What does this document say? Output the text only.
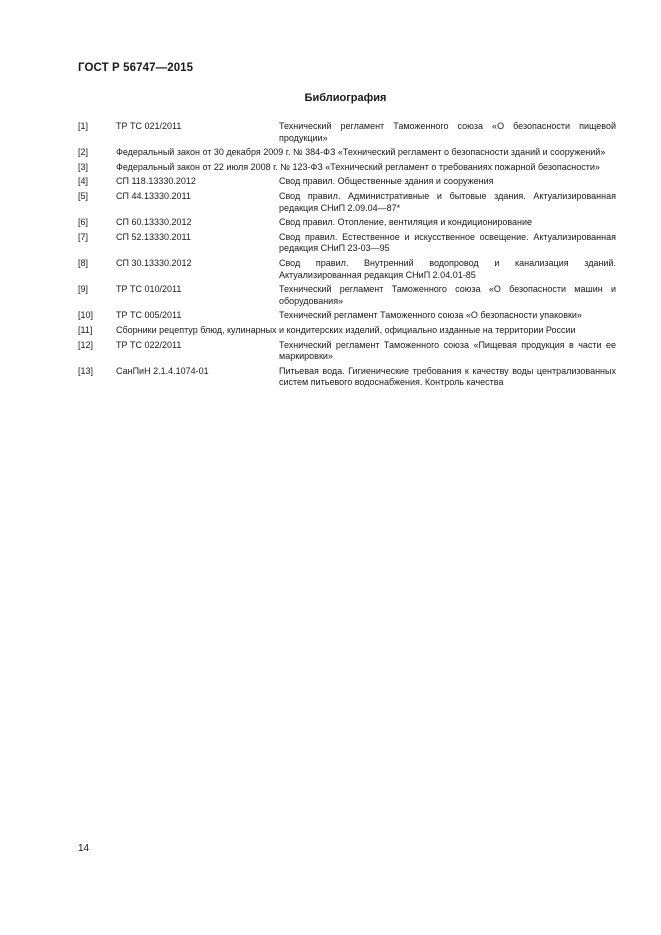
ГОСТ Р 56747—2015
Библиография
[1]	ТР ТС 021/2011	Технический регламент Таможенного союза «О безопасности пищевой продукции»
[2]	Федеральный закон от 30 декабря 2009 г. № 384-ФЗ «Технический регламент о безопасности зданий и сооружений»
[3]	Федеральный закон от 22 июля 2008 г. № 123-ФЗ «Технический регламент о требованиях пожарной безопасности»
[4]	СП 118.13330.2012	Свод правил. Общественные здания и сооружения
[5]	СП 44.13330.2011	Свод правил. Административные и бытовые здания. Актуализированная редакция СНиП 2.09.04—87*
[6]	СП 60.13330.2012	Свод правил. Отопление, вентиляция и кондиционирование
[7]	СП 52.13330.2011	Свод правил. Естественное и искусственное освещение. Актуализированная редакция СНиП 23-03—95
[8]	СП 30.13330.2012	Свод правил. Внутренний водопровод и канализация зданий. Актуализированная редакция СНиП 2.04.01-85
[9]	ТР ТС 010/2011	Технический регламент Таможенного союза «О безопасности машин и оборудования»
[10]	ТР ТС 005/2011	Технический регламент Таможенного союза «О безопасности упаковки»
[11]	Сборники рецептур блюд, кулинарных и кондитерских изделий, официально изданные на территории России
[12]	ТР ТС 022/2011	Технический регламент Таможенного союза «Пищевая продукция в части ее маркировки»
[13]	СанПиН 2.1.4.1074-01	Питьевая вода. Гигиенические требования к качеству воды централизованных систем питьевого водоснабжения. Контроль качества
14
